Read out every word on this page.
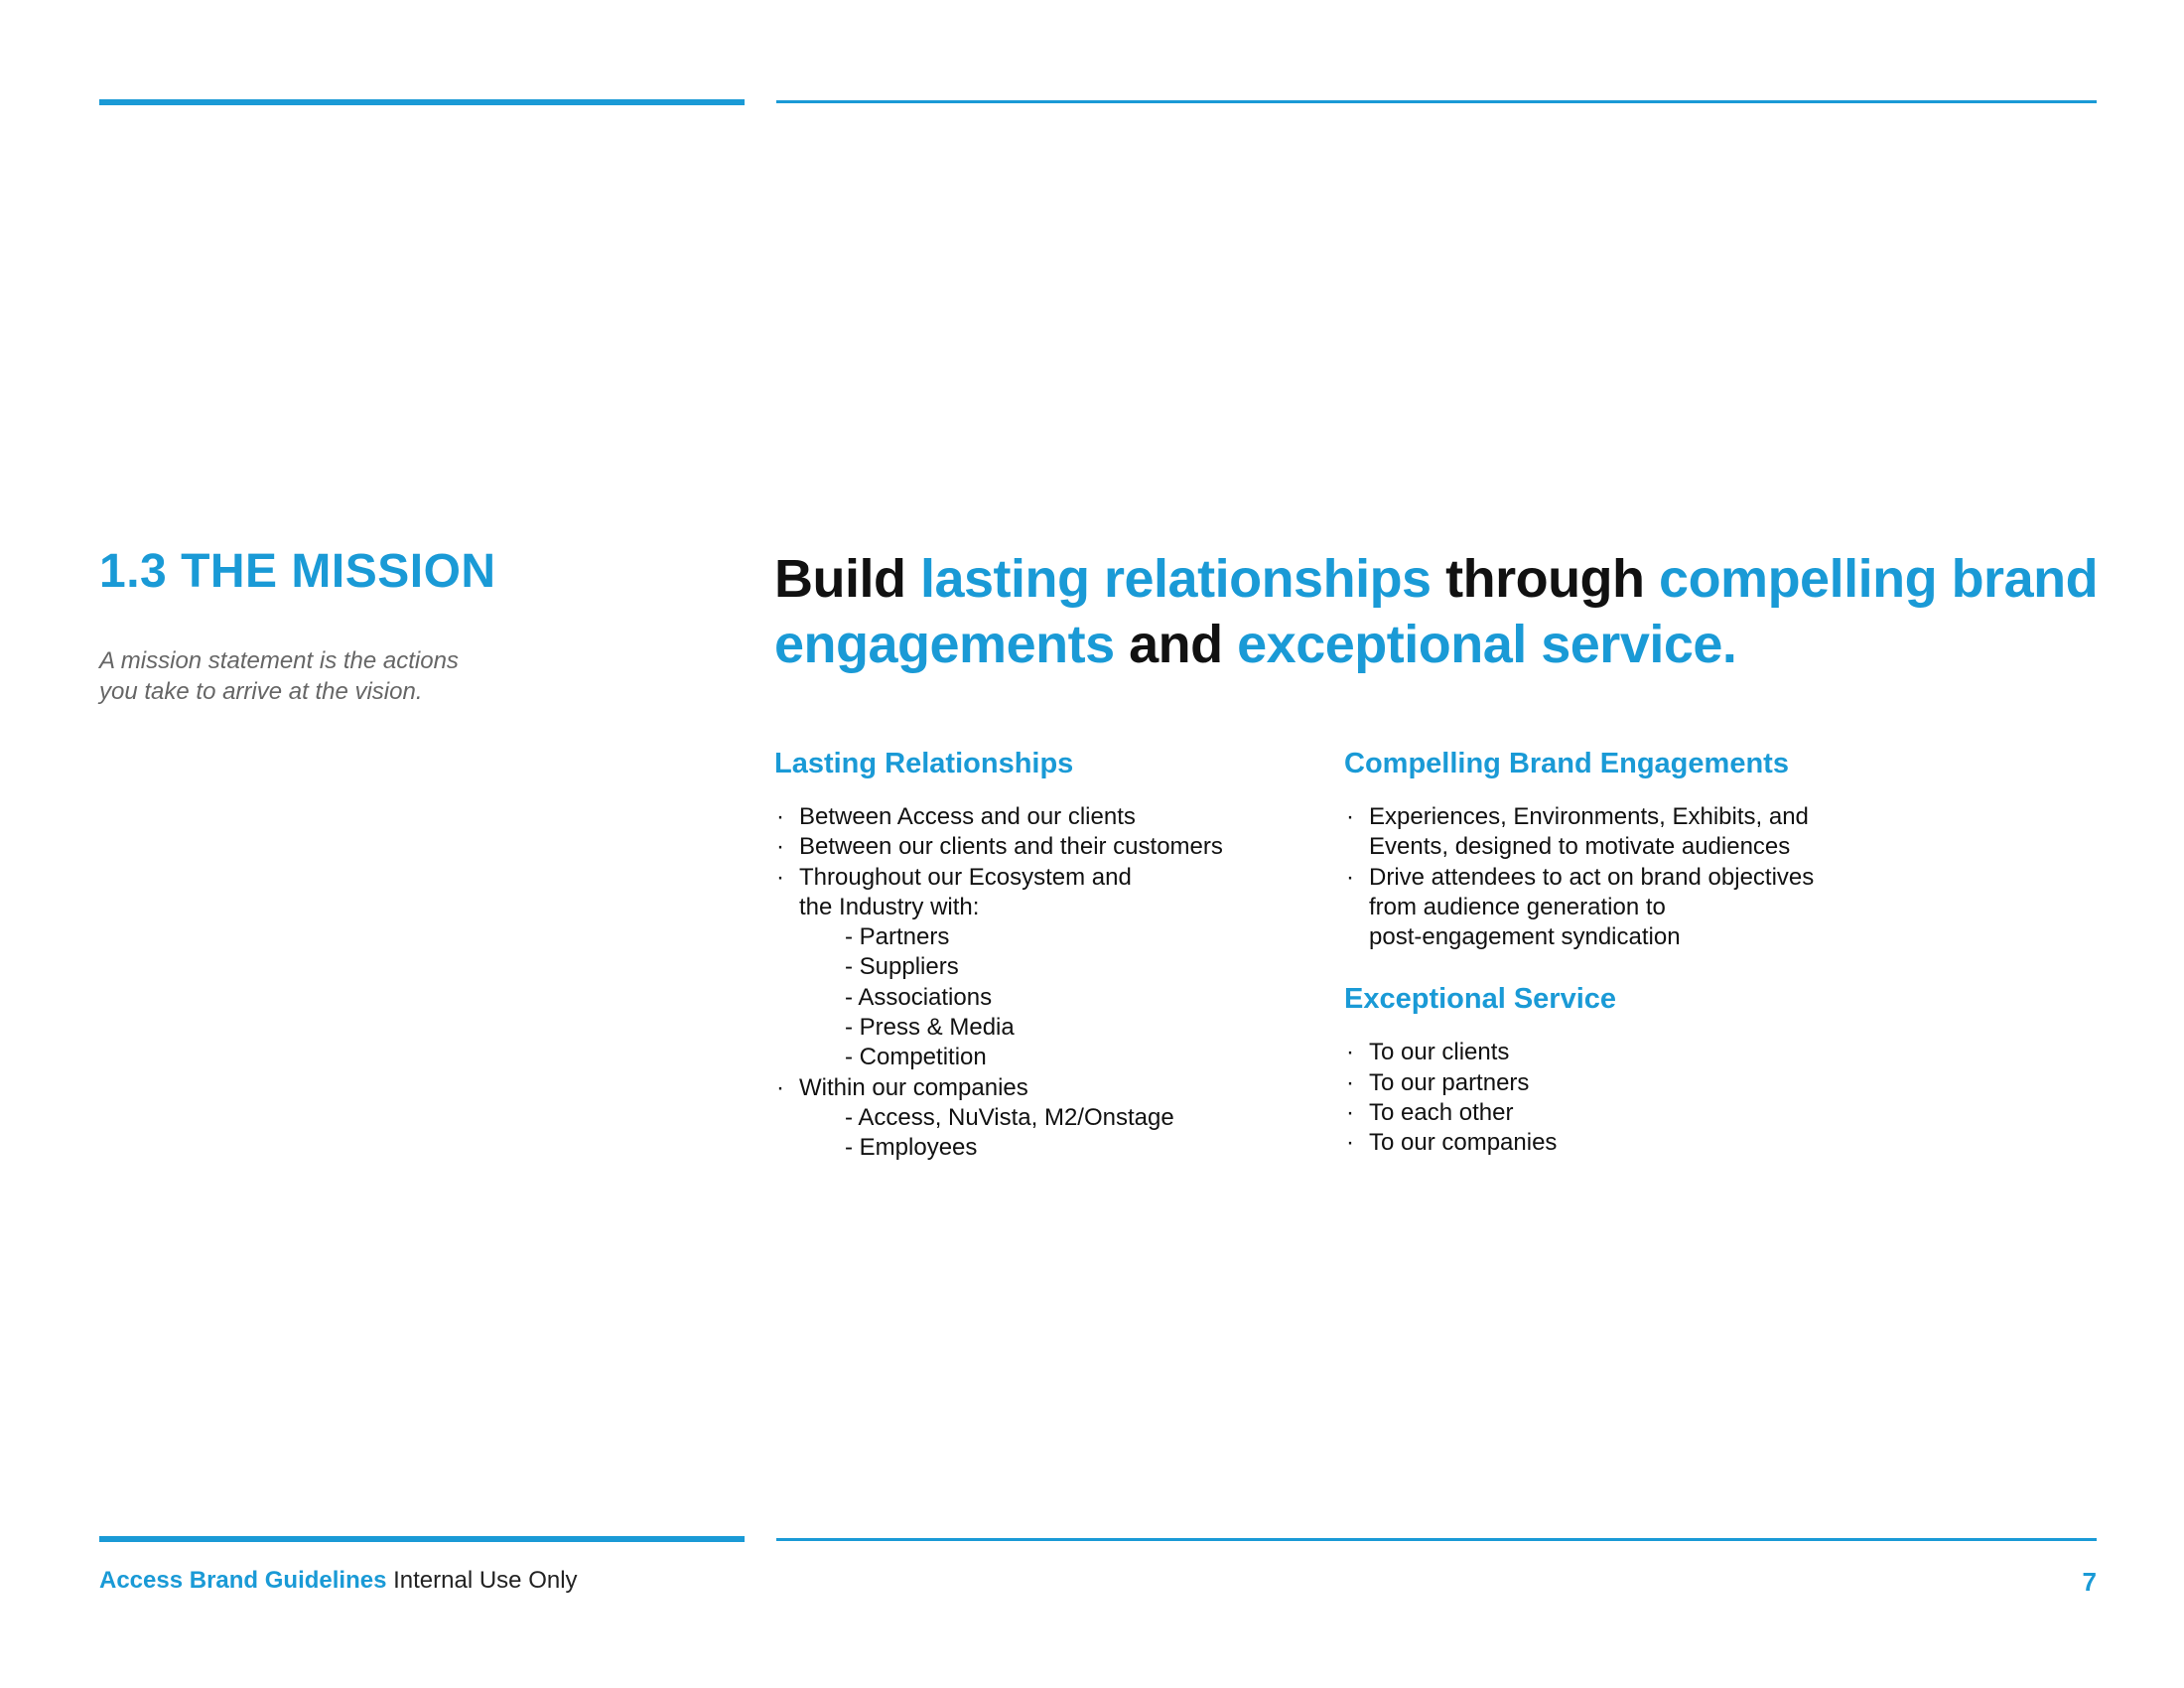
1.3 THE MISSION

A mission statement is the actions
you take to arrive at the vision.

Build lasting relationships through compelling brand engagements and exceptional service.
Lasting Relationships
· Between Access and our clients
· Between our clients and their customers
· Throughout our Ecosystem and
the Industry with:
- Partners
- Suppliers
- Associations
- Press & Media
- Competition
· Within our companies
- Access, NuVista, M2/Onstage
- Employees
Compelling Brand Engagements
· Experiences, Environments, Exhibits, and
Events, designed to motivate audiences
· Drive attendees to act on brand objectives
from audience generation to
post-engagement syndication
Exceptional Service
· To our clients
· To our partners
· To each other
· To our companies

Access Brand Guidelines Internal Use Only	7
